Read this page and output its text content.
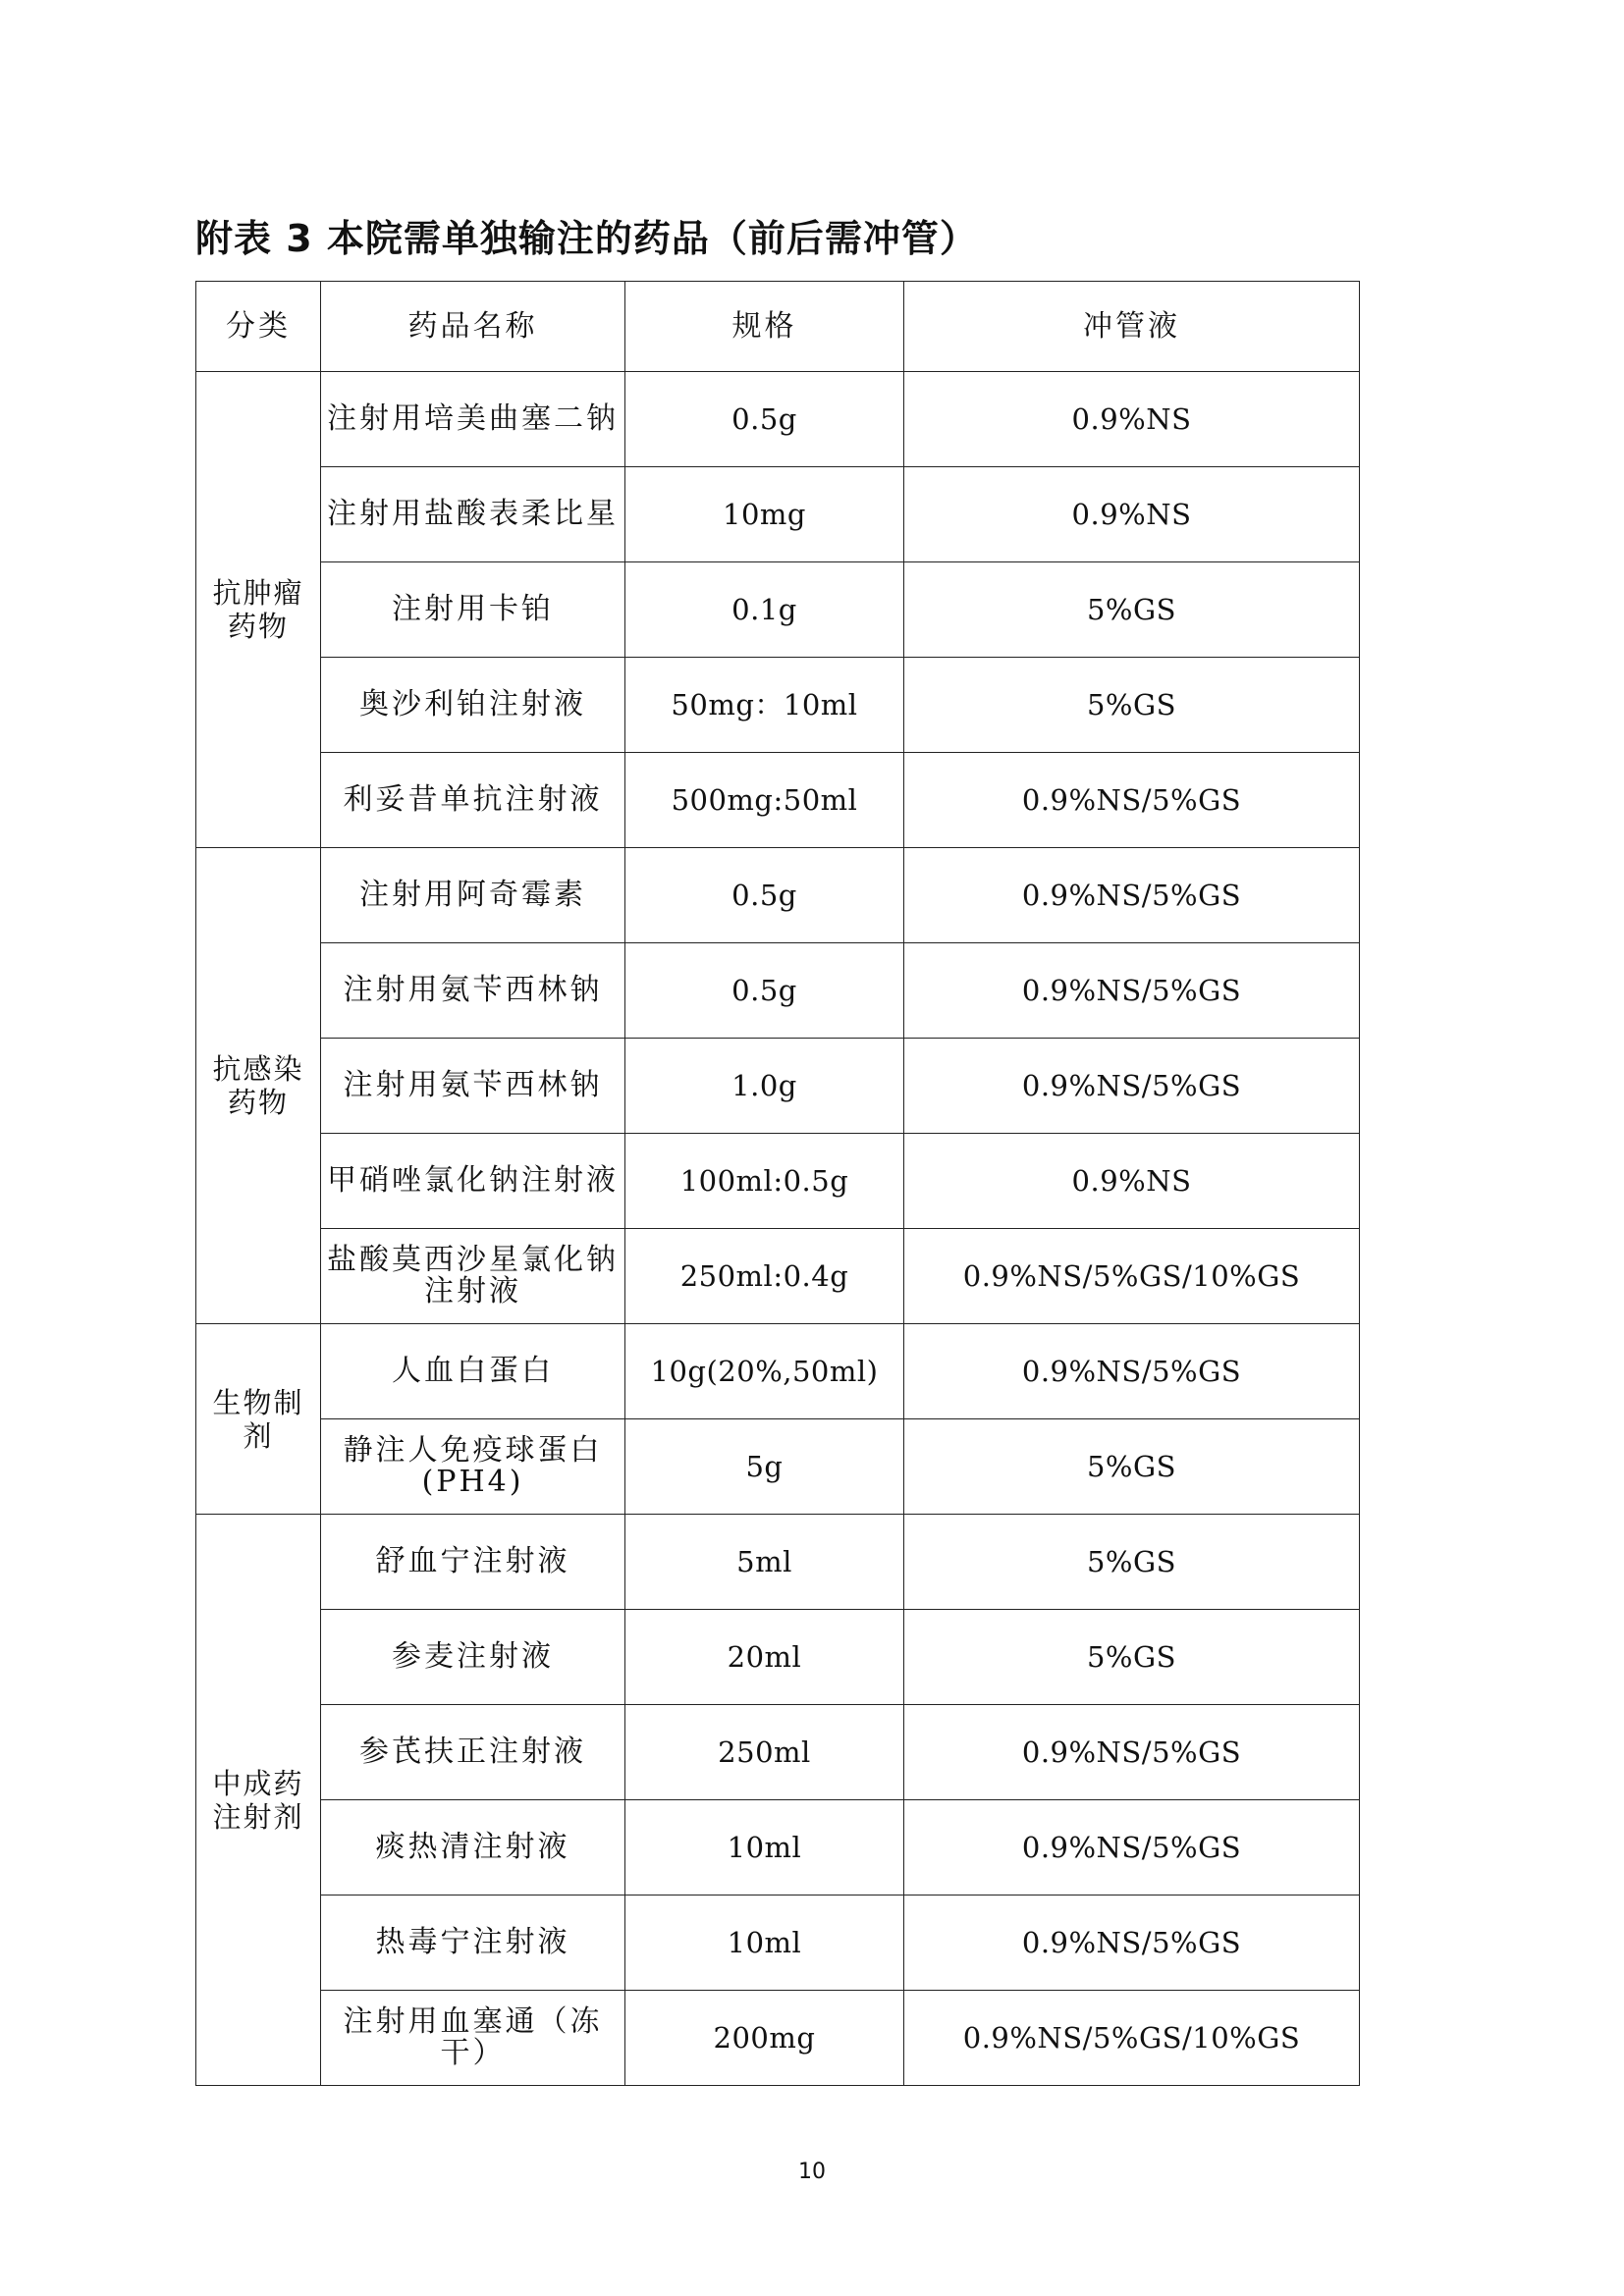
附表 3 本院需单独输注的药品（前后需冲管）
分类	药品名称	规格	冲管液
抗肿瘤药物	注射用培美曲塞二钠	0.5g	0.9%NS
	注射用盐酸表柔比星	10mg	0.9%NS
	注射用卡铂	0.1g	5%GS
	奥沙利铂注射液	50mg：10ml	5%GS
	利妥昔单抗注射液	500mg:50ml	0.9%NS/5%GS
抗感染药物	注射用阿奇霉素	0.5g	0.9%NS/5%GS
	注射用氨苄西林钠	0.5g	0.9%NS/5%GS
	注射用氨苄西林钠	1.0g	0.9%NS/5%GS
	甲硝唑氯化钠注射液	100ml:0.5g	0.9%NS
	盐酸莫西沙星氯化钠注射液	250ml:0.4g	0.9%NS/5%GS/10%GS
生物制剂	人血白蛋白	10g(20%,50ml)	0.9%NS/5%GS
	静注人免疫球蛋白(PH4)	5g	5%GS
中成药注射剂	舒血宁注射液	5ml	5%GS
	参麦注射液	20ml	5%GS
	参芪扶正注射液	250ml	0.9%NS/5%GS
	痰热清注射液	10ml	0.9%NS/5%GS
	热毒宁注射液	10ml	0.9%NS/5%GS
	注射用血塞通（冻干）	200mg	0.9%NS/5%GS/10%GS
10
